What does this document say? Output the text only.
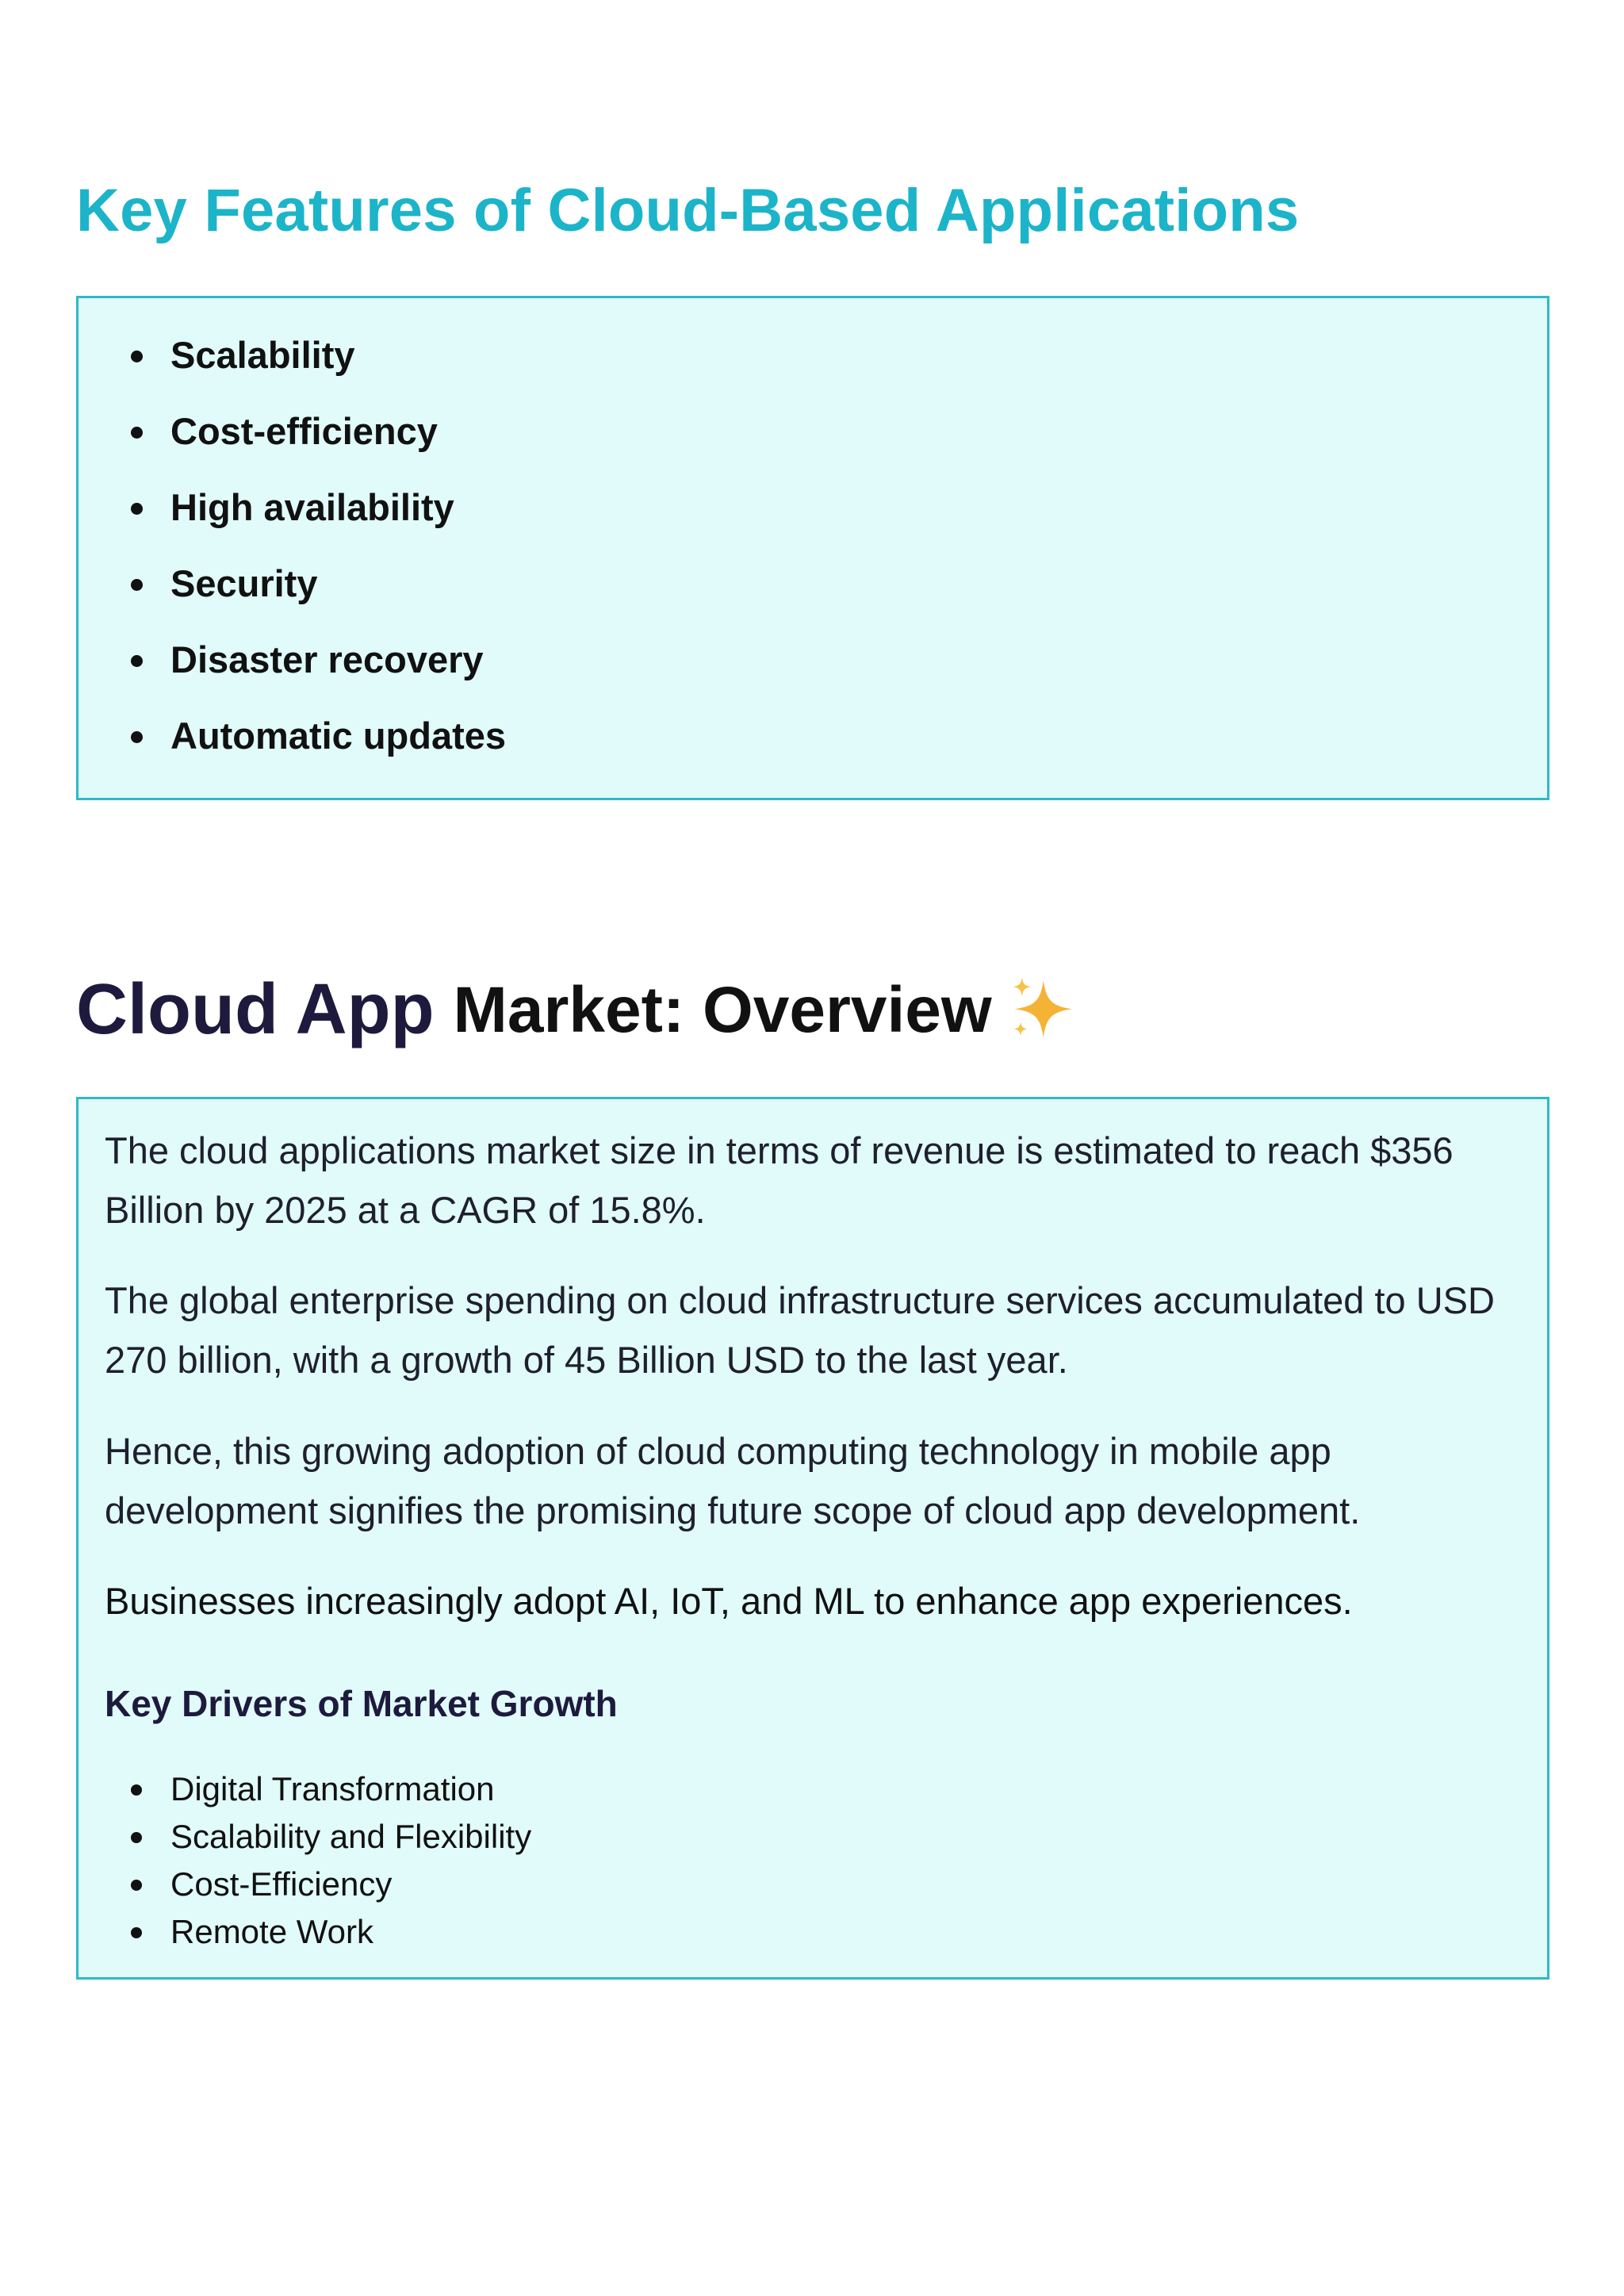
Key Features of Cloud-Based Applications
Scalability
Cost-efficiency
High availability
Security
Disaster recovery
Automatic updates
Cloud App Market: Overview

The cloud applications market size in terms of revenue is estimated to reach $356 Billion by 2025 at a CAGR of 15.8%.

The global enterprise spending on cloud infrastructure services accumulated to USD 270 billion, with a growth of 45 Billion USD to the last year.

Hence, this growing adoption of cloud computing technology in mobile app development signifies the promising future scope of cloud app development.

Businesses increasingly adopt AI, IoT, and ML to enhance app experiences.

Key Drivers of Market Growth
Digital Transformation
Scalability and Flexibility
Cost-Efficiency
Remote Work
